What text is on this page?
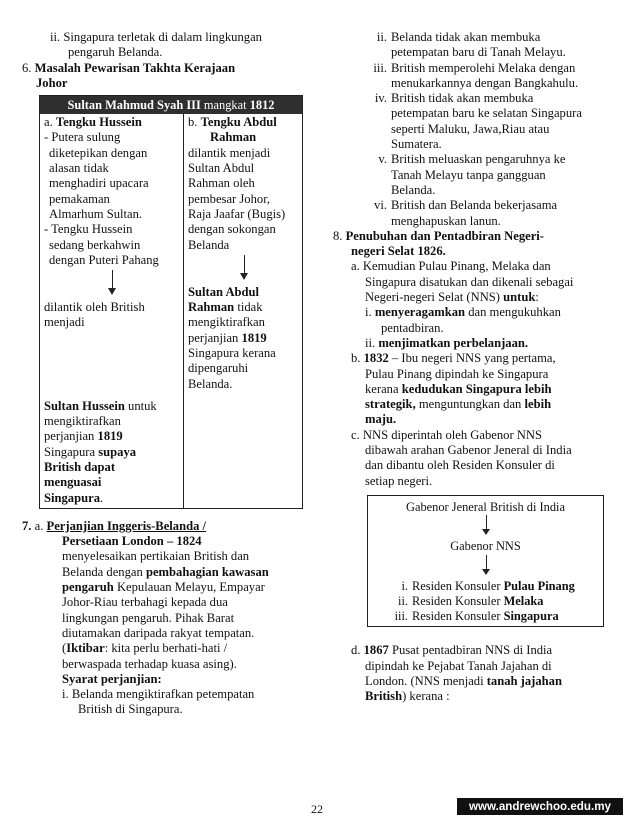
ii. Singapura terletak di dalam lingkungan
pengaruh Belanda.

6. Masalah Pewarisan Takhta Kerajaan
Johor

Sultan Mahmud Syah III mangkat 1812

a. Tengku Hussein

- Putera sulung

diketepikan dengan

alasan tidak

menghadiri upacara

pemakaman

Almarhum Sultan.

- Tengku Hussein

sedang berkahwin

dengan Puteri Pahang

dilantik oleh British

menjadi

Sultan Hussein untuk

mengiktirafkan

perjanjian 1819

Singapura supaya

British dapat

menguasai

Singapura.

b. Tengku Abdul

Rahman

dilantik menjadi

Sultan Abdul

Rahman oleh

pembesar Johor,

Raja Jaafar (Bugis)

dengan sokongan

Belanda

Sultan Abdul

Rahman tidak

mengiktirafkan

perjanjian 1819

Singapura kerana

dipengaruhi

Belanda.

7. a. Perjanjian Inggeris-Belanda /
Persetiaan London – 1824

menyelesaikan pertikaian British dan

Belanda dengan pembahagian kawasan

pengaruh Kepulauan Melayu, Empayar

Johor-Riau terbahagi kepada dua

lingkungan pengaruh. Pihak Barat

diutamakan daripada rakyat tempatan.

(Iktibar: kita perlu berhati-hati /

berwaspada terhadap kuasa asing).

Syarat perjanjian:

i. Belanda mengiktirafkan petempatan
British di Singapura.

ii. Belanda tidak akan membuka
petempatan baru di Tanah Melayu.

iii. British memperolehi Melaka dengan
menukarkannya dengan Bangkahulu.

iv. British tidak akan membuka
petempatan baru ke selatan Singapura
seperti Maluku, Jawa,Riau atau
Sumatera.

v. British meluaskan pengaruhnya ke
Tanah Melayu tanpa gangguan
Belanda.

vi. British dan Belanda bekerjasama
menghapuskan lanun.

8. Penubuhan dan Pentadbiran Negeri-
negeri Selat 1826.

a. Kemudian Pulau Pinang, Melaka dan

Singapura disatukan dan dikenali sebagai

Negeri-negeri Selat (NNS) untuk:

i. menyeragamkan dan mengukuhkan
pentadbiran.

ii. menjimatkan perbelanjaan.

b. 1832 – Ibu negeri NNS yang pertama,

Pulau Pinang dipindah ke Singapura

kerana kedudukan Singapura lebih

strategik, menguntungkan dan lebih

maju.

c. NNS diperintah oleh Gabenor NNS

dibawah arahan Gabenor Jeneral di India

dan dibantu oleh Residen Konsuler di

setiap negeri.

Gabenor Jeneral British di India

Gabenor NNS

i. Residen Konsuler Pulau Pinang
ii. Residen Konsuler Melaka
iii. Residen Konsuler Singapura

d. 1867 Pusat pentadbiran NNS di India

dipindah ke Pejabat Tanah Jajahan di

London. (NNS menjadi tanah jajahan

British) kerana :

22	www.andrewchoo.edu.my
